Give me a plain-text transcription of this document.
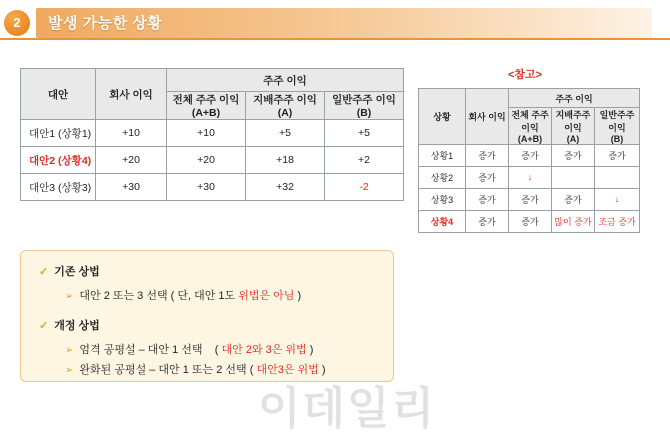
2	발생 가능한 상황
대안	회사 이익	주주 이익		

전체 주주 이익
(A+B)

지배주주 이익
(A)

일반주주 이익
(B)

대안1 (상황1)	+10	+10	+5	+5
대안2 (상황4)	+20	+20	+18	+2
대안3 (상황3)	+30	+30	+32	-2
<참고>
상황	회사 이익	주주 이익		

전체 주주
이익
(A+B)

지배주주
이익
(A)

일반주주
이익
(B)

상황1	증가	증가	증가	증가
상황2	증가	↓		
상황3	증가	증가	증가	↓
상황4	증가	증가	많이 증가	조금 증가
✓ 기존 상법
➢ 대안 2 또는 3 선택 ( 단, 대안 1도 위법은 아님 )
✓ 개정 상법
➢ 엄격 공평설 – 대안 1 선택 ( 대안 2와 3은 위법 )
➢ 완화된 공평설 – 대안 1 또는 2 선택 ( 대안3은 위법 )
이데일리
